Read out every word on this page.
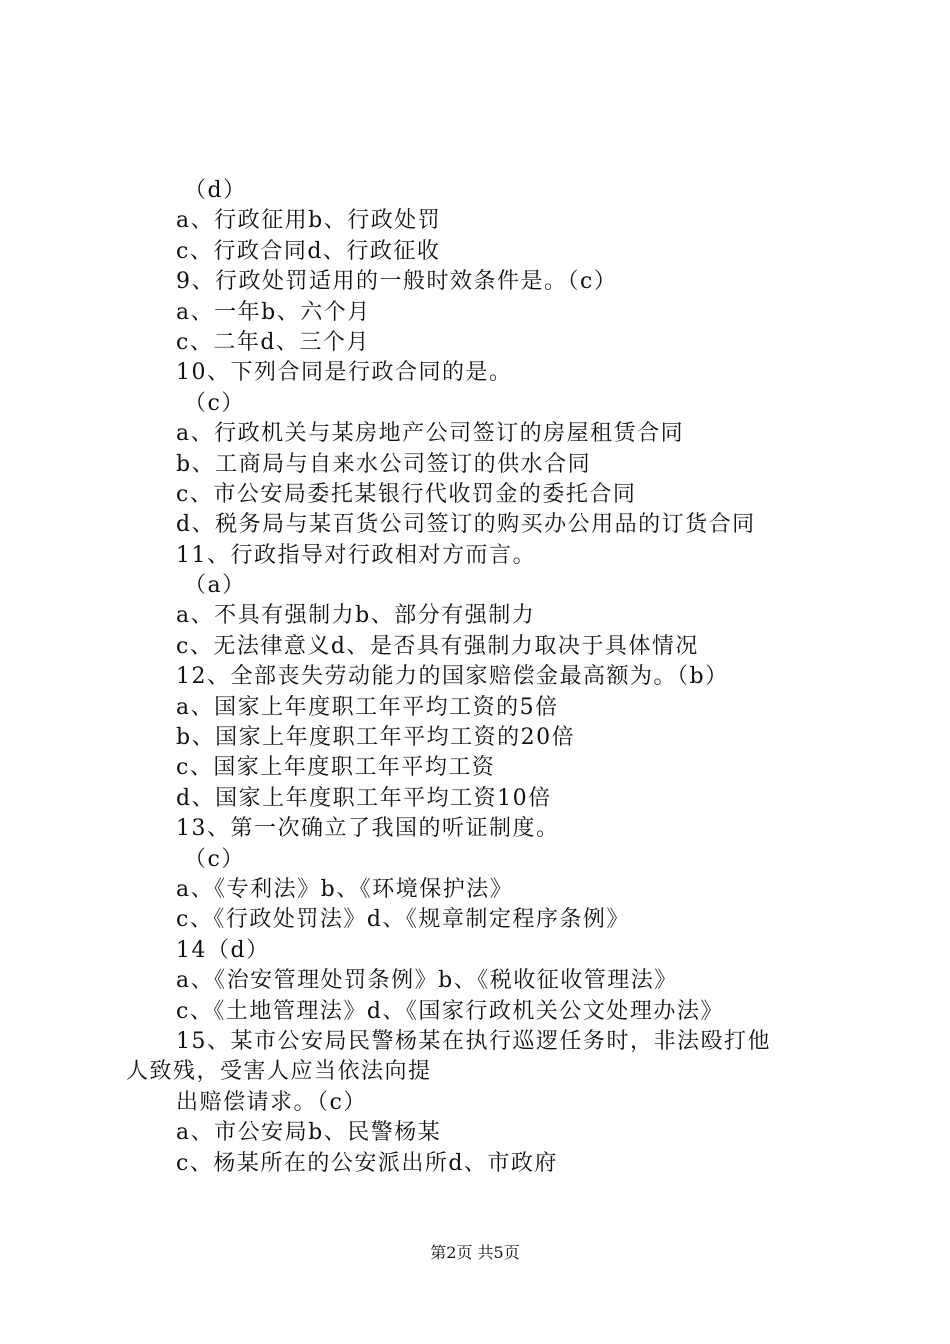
（d）
a、行政征用b、行政处罚
c、行政合同d、行政征收
9、行政处罚适用的一般时效条件是。（c）
a、一年b、六个月
c、二年d、三个月
10、下列合同是行政合同的是。
（c）
a、行政机关与某房地产公司签订的房屋租赁合同
b、工商局与自来水公司签订的供水合同
c、市公安局委托某银行代收罚金的委托合同
d、税务局与某百货公司签订的购买办公用品的订货合同
11、行政指导对行政相对方而言。
（a）
a、不具有强制力b、部分有强制力
c、无法律意义d、是否具有强制力取决于具体情况
12、全部丧失劳动能力的国家赔偿金最高额为。（b）
a、国家上年度职工年平均工资的5倍
b、国家上年度职工年平均工资的20倍
c、国家上年度职工年平均工资
d、国家上年度职工年平均工资10倍
13、第一次确立了我国的听证制度。
（c）
a、《专利法》b、《环境保护法》
c、《行政处罚法》d、《规章制定程序条例》
14（d）
a、《治安管理处罚条例》b、《税收征收管理法》
c、《土地管理法》d、《国家行政机关公文处理办法》
15、某市公安局民警杨某在执行巡逻任务时，非法殴打他
人致残，受害人应当依法向提
出赔偿请求。（c）
a、市公安局b、民警杨某
c、杨某所在的公安派出所d、市政府
第2页 共5页
